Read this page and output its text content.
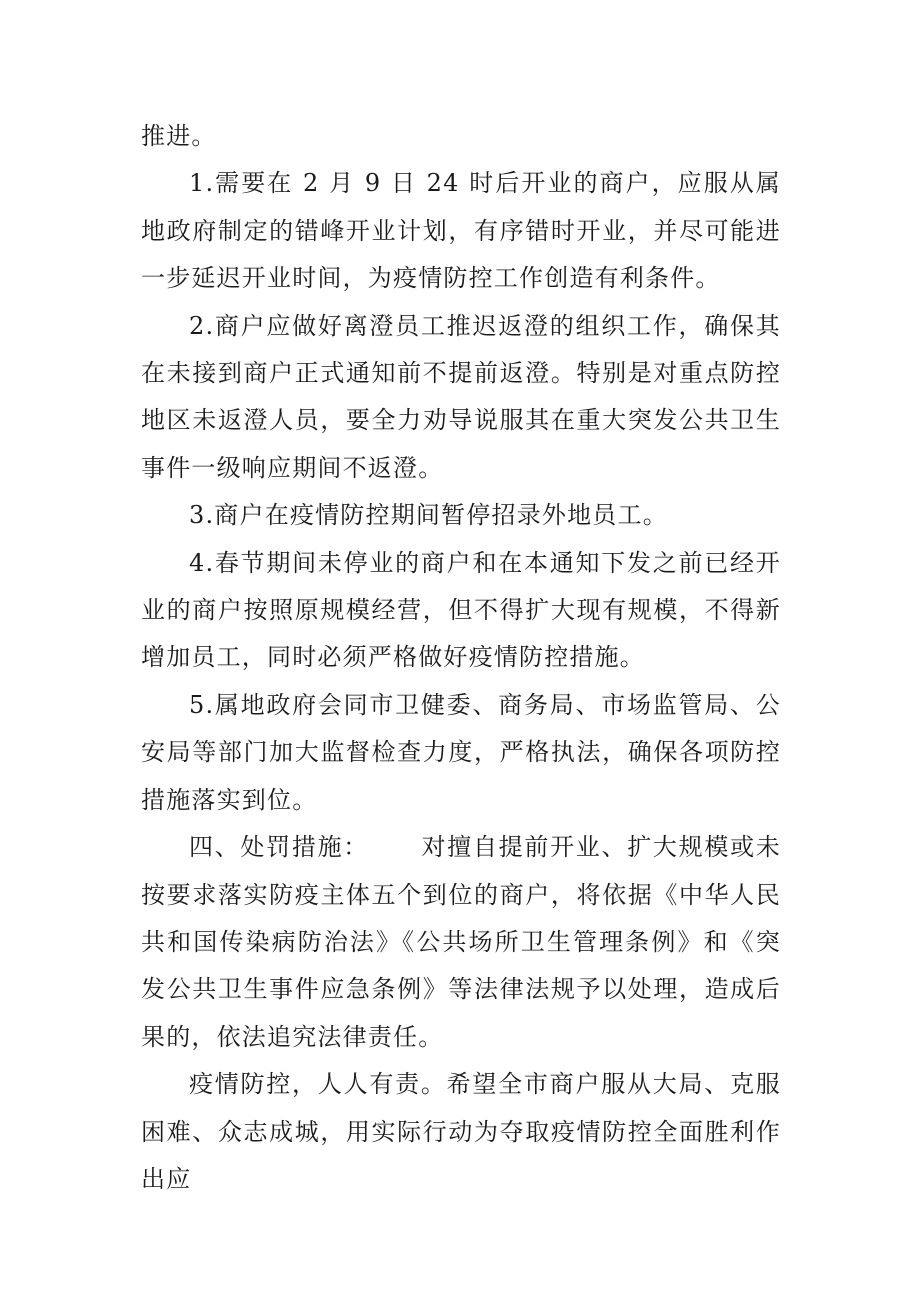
推进。

1.需要在 2 月 9 日 24 时后开业的商户，应服从属地政府制定的错峰开业计划，有序错时开业，并尽可能进一步延迟开业时间，为疫情防控工作创造有利条件。

2.商户应做好离澄员工推迟返澄的组织工作，确保其在未接到商户正式通知前不提前返澄。特别是对重点防控地区未返澄人员，要全力劝导说服其在重大突发公共卫生事件一级响应期间不返澄。

3.商户在疫情防控期间暂停招录外地员工。

4.春节期间未停业的商户和在本通知下发之前已经开业的商户按照原规模经营，但不得扩大现有规模，不得新增加员工，同时必须严格做好疫情防控措施。

5.属地政府会同市卫健委、商务局、市场监管局、公安局等部门加大监督检查力度，严格执法，确保各项防控措施落实到位。

四、处罚措施： 对擅自提前开业、扩大规模或未按要求落实防疫主体五个到位的商户，将依据《中华人民共和国传染病防治法》《公共场所卫生管理条例》和《突发公共卫生事件应急条例》等法律法规予以处理，造成后果的，依法追究法律责任。

疫情防控，人人有责。希望全市商户服从大局、克服困难、众志成城，用实际行动为夺取疫情防控全面胜利作出应
